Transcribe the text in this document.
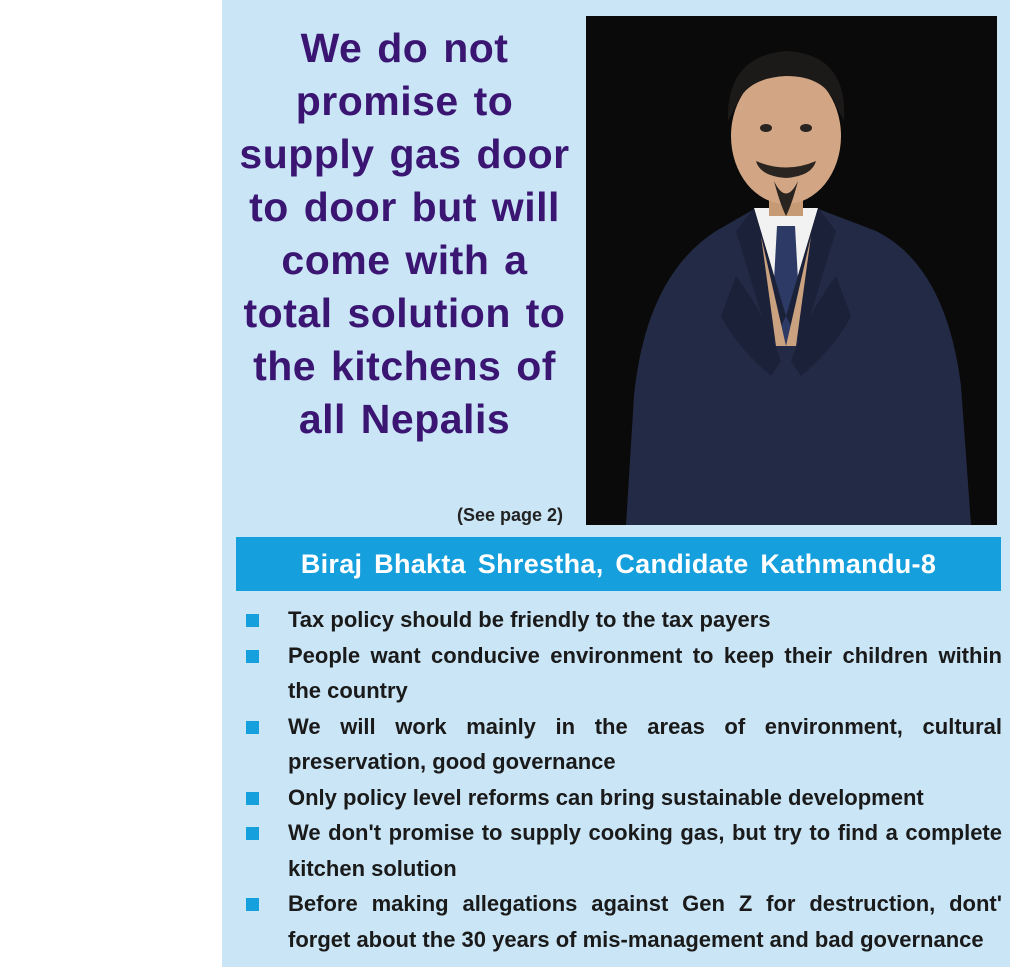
We do not promise to supply gas door to door but will come with a total solution to the kitchens of all Nepalis
(See page 2)
Biraj Bhakta Shrestha, Candidate Kathmandu-8
Tax policy should be friendly to the tax payers
People want conducive environment to keep their children within the country
We will work mainly in the areas of environment, cultural preservation, good governance
Only policy level reforms can bring sustainable development
We don't promise to supply cooking gas, but try to find a complete kitchen solution
Before making allegations against Gen Z for destruction, dont' forget about the 30 years of mis-management and bad governance
